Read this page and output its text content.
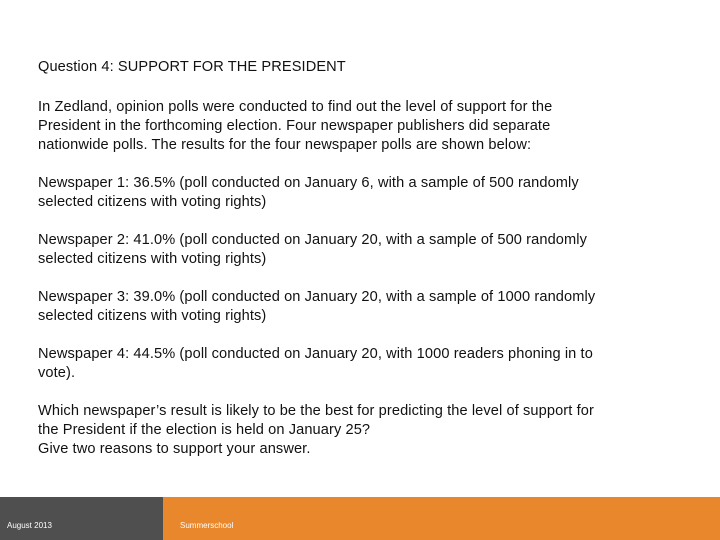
Question 4: SUPPORT FOR THE PRESIDENT
In Zedland, opinion polls were conducted to find out the level of support for the
President in the forthcoming election. Four newspaper publishers did separate
nationwide polls. The results for the four newspaper polls are shown below:
Newspaper 1: 36.5% (poll conducted on January 6, with a sample of 500 randomly
selected citizens with voting rights)
Newspaper 2: 41.0% (poll conducted on January 20, with a sample of 500 randomly
selected citizens with voting rights)
Newspaper 3: 39.0% (poll conducted on January 20, with a sample of 1000 randomly
selected citizens with voting rights)
Newspaper 4: 44.5% (poll conducted on January 20, with 1000 readers phoning in to
vote).
Which newspaper’s result is likely to be the best for predicting the level of support for
the President if the election is held on January 25?
Give two reasons to support your answer.
August 2013	Summerschool
